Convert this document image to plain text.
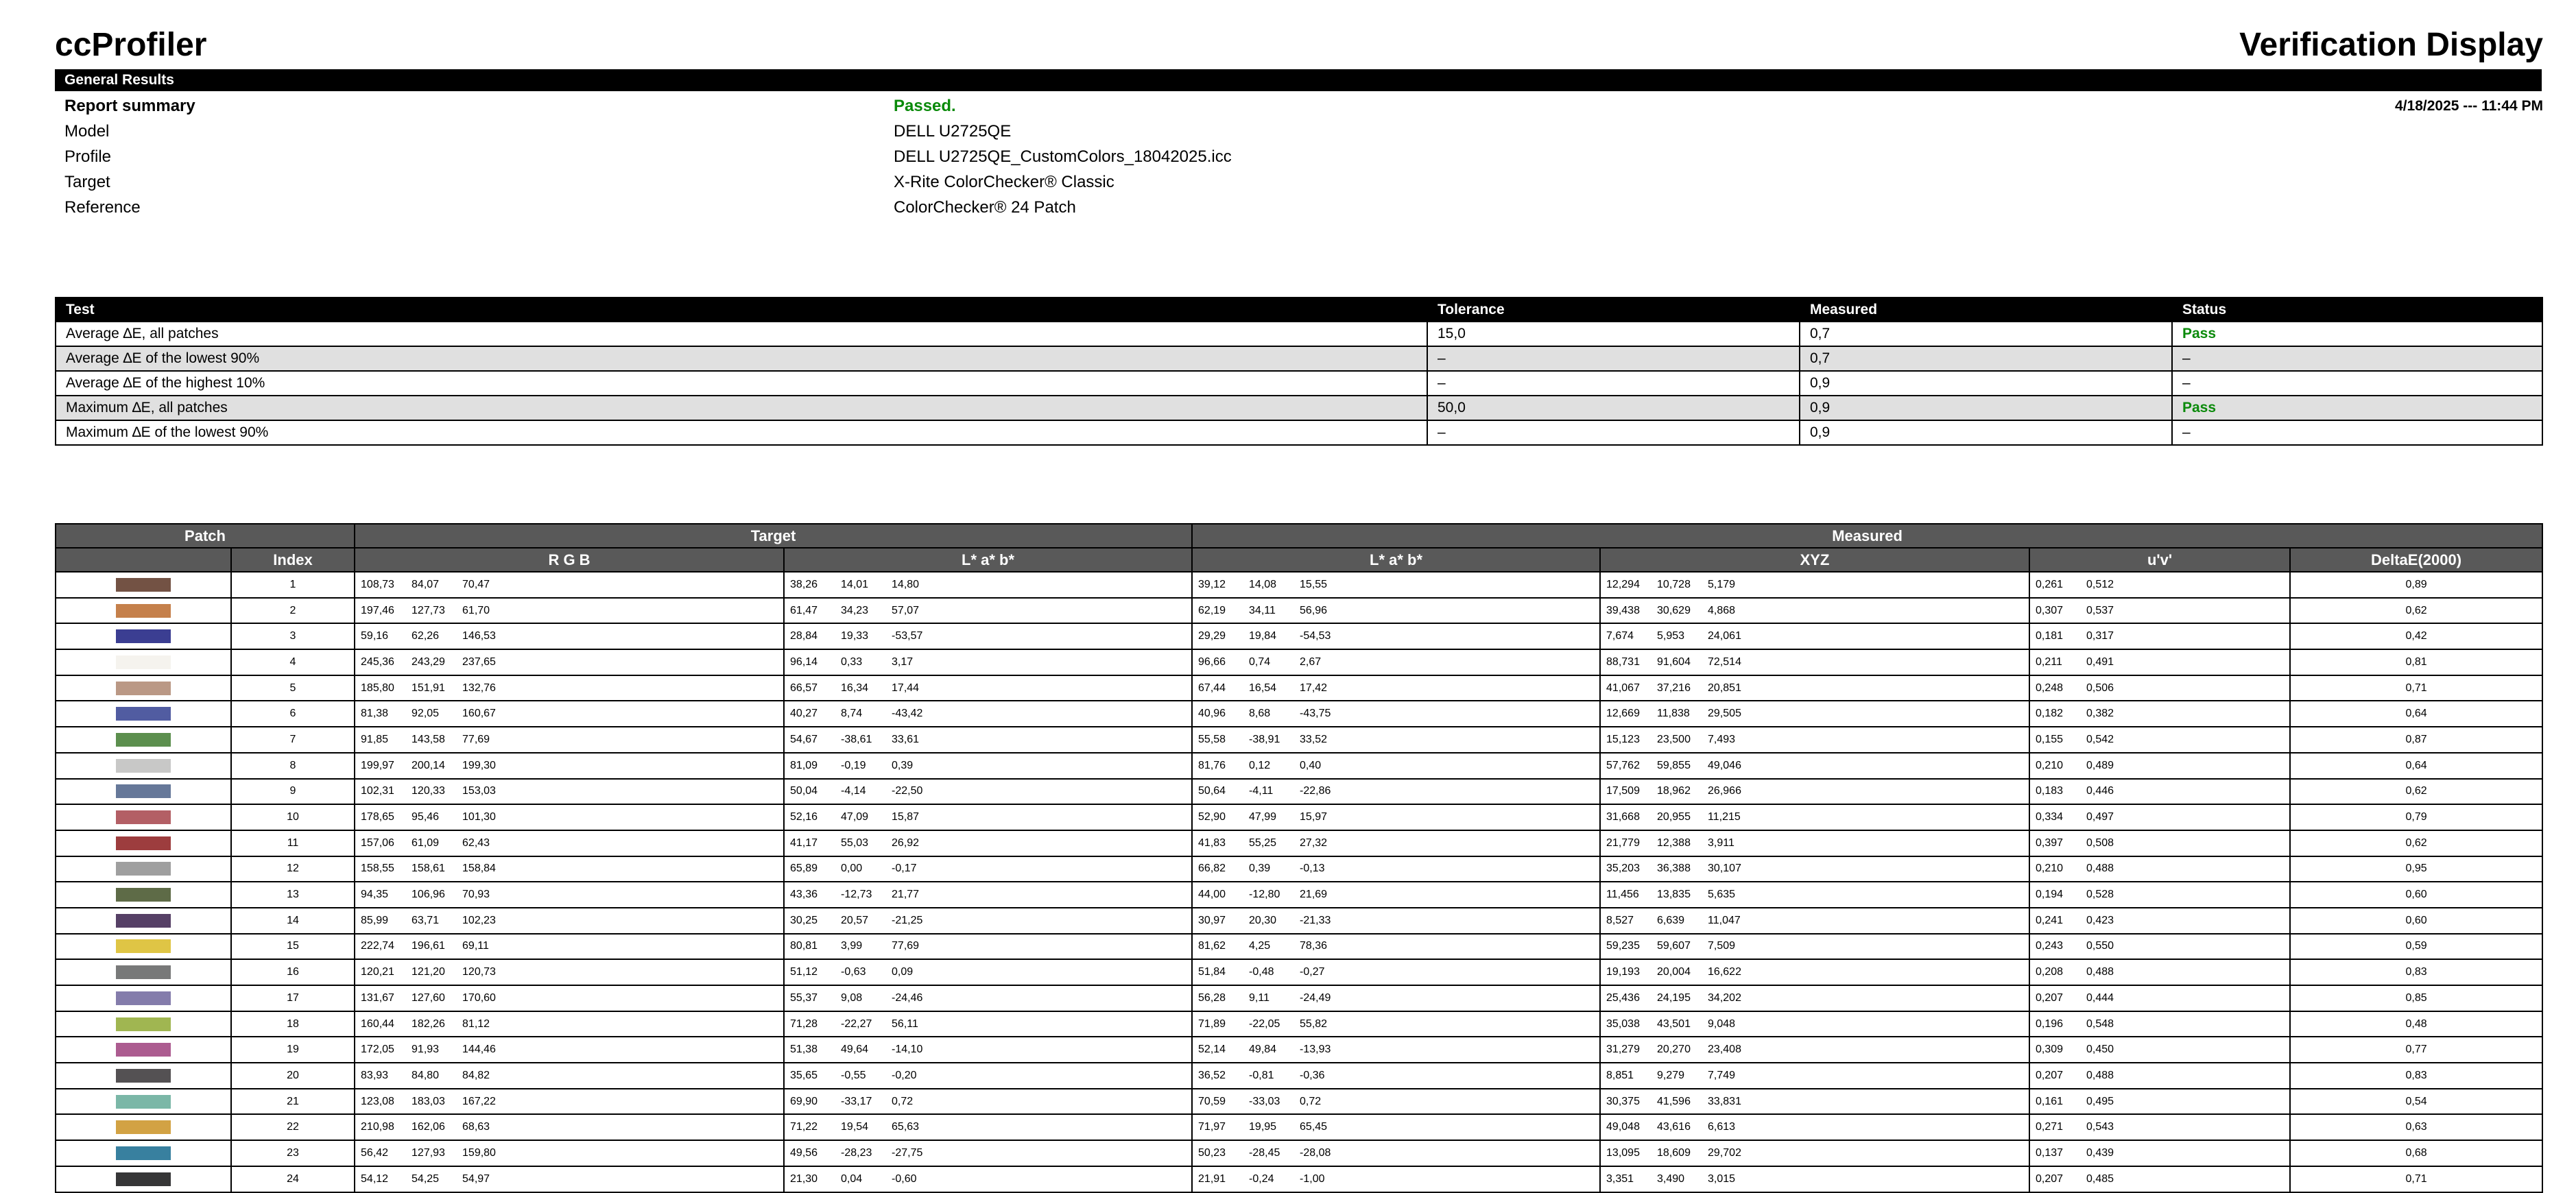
ccProfiler	Verification Display
General Results
Report summary	Passed.	4/18/2025 --- 11:44 PM
Model	DELL U2725QE
Profile	DELL U2725QE_CustomColors_18042025.icc
Target	X-Rite ColorChecker® Classic
Reference	ColorChecker® 24 Patch
Test	Tolerance	Measured	Status
Average ∆E, all patches	15,0	0,7	Pass
Average ∆E of the lowest 90%	–	0,7	–
Average ∆E of the highest 10%	–	0,9	–
Maximum ∆E, all patches	50,0	0,9	Pass
Maximum ∆E of the lowest 90%	–	0,9	–
Patch		Target		Measured			
	Index	R G B	L* a* b*	L* a* b*	XYZ	u'v'	DeltaE(2000)

	1	108,73 84,07 70,47	38,26 14,01 14,80	39,12 14,08 15,55	12,294 10,728 5,179	0,261 0,512	0,89

	2	197,46 127,73 61,70	61,47 34,23 57,07	62,19 34,11 56,96	39,438 30,629 4,868	0,307 0,537	0,62

	3	59,16 62,26 146,53	28,84 19,33 -53,57	29,29 19,84 -54,53	7,674 5,953 24,061	0,181 0,317	0,42

	4	245,36 243,29 237,65	96,14 0,33 3,17	96,66 0,74 2,67	88,731 91,604 72,514	0,211 0,491	0,81

	5	185,80 151,91 132,76	66,57 16,34 17,44	67,44 16,54 17,42	41,067 37,216 20,851	0,248 0,506	0,71

	6	81,38 92,05 160,67	40,27 8,74 -43,42	40,96 8,68 -43,75	12,669 11,838 29,505	0,182 0,382	0,64

	7	91,85 143,58 77,69	54,67 -38,61 33,61	55,58 -38,91 33,52	15,123 23,500 7,493	0,155 0,542	0,87

	8	199,97 200,14 199,30	81,09 -0,19 0,39	81,76 0,12 0,40	57,762 59,855 49,046	0,210 0,489	0,64

	9	102,31 120,33 153,03	50,04 -4,14 -22,50	50,64 -4,11 -22,86	17,509 18,962 26,966	0,183 0,446	0,62

	10	178,65 95,46 101,30	52,16 47,09 15,87	52,90 47,99 15,97	31,668 20,955 11,215	0,334 0,497	0,79

	11	157,06 61,09 62,43	41,17 55,03 26,92	41,83 55,25 27,32	21,779 12,388 3,911	0,397 0,508	0,62

	12	158,55 158,61 158,84	65,89 0,00 -0,17	66,82 0,39 -0,13	35,203 36,388 30,107	0,210 0,488	0,95

	13	94,35 106,96 70,93	43,36 -12,73 21,77	44,00 -12,80 21,69	11,456 13,835 5,635	0,194 0,528	0,60

	14	85,99 63,71 102,23	30,25 20,57 -21,25	30,97 20,30 -21,33	8,527 6,639 11,047	0,241 0,423	0,60

	15	222,74 196,61 69,11	80,81 3,99 77,69	81,62 4,25 78,36	59,235 59,607 7,509	0,243 0,550	0,59

	16	120,21 121,20 120,73	51,12 -0,63 0,09	51,84 -0,48 -0,27	19,193 20,004 16,622	0,208 0,488	0,83

	17	131,67 127,60 170,60	55,37 9,08 -24,46	56,28 9,11 -24,49	25,436 24,195 34,202	0,207 0,444	0,85

	18	160,44 182,26 81,12	71,28 -22,27 56,11	71,89 -22,05 55,82	35,038 43,501 9,048	0,196 0,548	0,48

	19	172,05 91,93 144,46	51,38 49,64 -14,10	52,14 49,84 -13,93	31,279 20,270 23,408	0,309 0,450	0,77

	20	83,93 84,80 84,82	35,65 -0,55 -0,20	36,52 -0,81 -0,36	8,851 9,279 7,749	0,207 0,488	0,83

	21	123,08 183,03 167,22	69,90 -33,17 0,72	70,59 -33,03 0,72	30,375 41,596 33,831	0,161 0,495	0,54

	22	210,98 162,06 68,63	71,22 19,54 65,63	71,97 19,95 65,45	49,048 43,616 6,613	0,271 0,543	0,63

	23	56,42 127,93 159,80	49,56 -28,23 -27,75	50,23 -28,45 -28,08	13,095 18,609 29,702	0,137 0,439	0,68

	24	54,12 54,25 54,97	21,30 0,04 -0,60	21,91 -0,24 -1,00	3,351 3,490 3,015	0,207 0,485	0,71
